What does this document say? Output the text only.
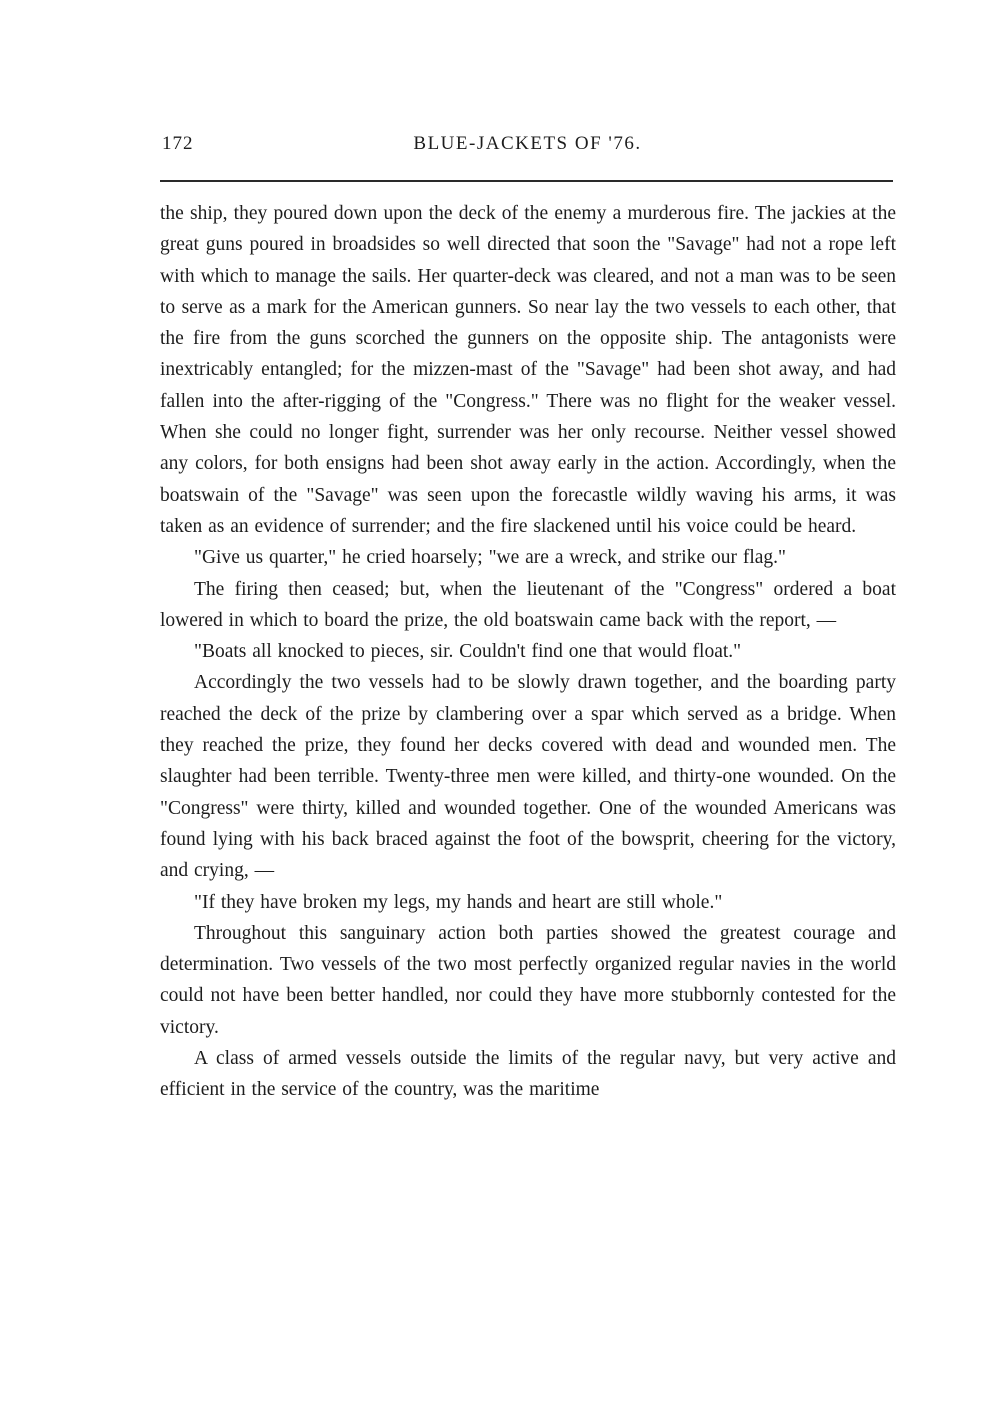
172	BLUE-JACKETS OF '76.

the ship, they poured down upon the deck of the enemy a murderous fire. The jackies at the great guns poured in broadsides so well directed that soon the "Savage" had not a rope left with which to manage the sails. Her quarter-deck was cleared, and not a man was to be seen to serve as a mark for the American gunners. So near lay the two vessels to each other, that the fire from the guns scorched the gunners on the opposite ship. The antagonists were inextricably entangled; for the mizzen-mast of the "Savage" had been shot away, and had fallen into the after-rigging of the "Congress." There was no flight for the weaker vessel. When she could no longer fight, surrender was her only recourse. Neither vessel showed any colors, for both ensigns had been shot away early in the action. Accordingly, when the boatswain of the "Savage" was seen upon the forecastle wildly waving his arms, it was taken as an evidence of surrender; and the fire slackened until his voice could be heard.

"Give us quarter," he cried hoarsely; "we are a wreck, and strike our flag."

The firing then ceased; but, when the lieutenant of the "Congress" ordered a boat lowered in which to board the prize, the old boatswain came back with the report, —

"Boats all knocked to pieces, sir. Couldn't find one that would float."

Accordingly the two vessels had to be slowly drawn together, and the boarding party reached the deck of the prize by clambering over a spar which served as a bridge. When they reached the prize, they found her decks covered with dead and wounded men. The slaughter had been terrible. Twenty-three men were killed, and thirty-one wounded. On the "Congress" were thirty, killed and wounded together. One of the wounded Americans was found lying with his back braced against the foot of the bowsprit, cheering for the victory, and crying, —

"If they have broken my legs, my hands and heart are still whole."

Throughout this sanguinary action both parties showed the greatest courage and determination. Two vessels of the two most perfectly organized regular navies in the world could not have been better handled, nor could they have more stubbornly contested for the victory.

A class of armed vessels outside the limits of the regular navy, but very active and efficient in the service of the country, was the maritime
